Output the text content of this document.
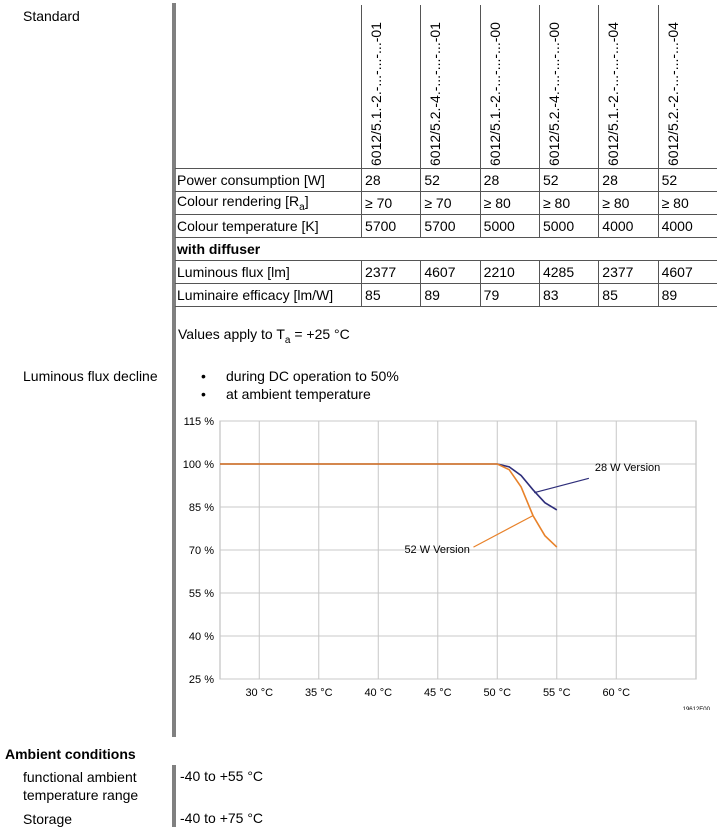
Standard
Luminous flux decline

	6012/5.1.-2.-...-...-...-01	6012/5.2.-4.-...-...-...-01	6012/5.1.-2.-...-...-...-00	6012/5.2.-4.-...-...-...-00	6012/5.1.-2.-...-...-...-04	6012/5.2.-2.-...-...-...-04

Power consumption [W]	28	52	28	52	28	52
Colour rendering $[R_a]$	≥ 70	≥ 70	≥ 80	≥ 80	≥ 80	≥ 80
Colour temperature [K]	5700	5700	5000	5000	4000	4000
with diffuser						
Luminous flux [lm]	2377	4607	2210	4285	2377	4607
Luminaire efficacy [lm/W]	85	89	79	83	85	89
Values apply to $T_a = +25$ °C
• during DC operation to 50%
• at ambient temperature
115 %
100 %
85 %
70 %
55 %
40 %
25 %
30 °C	35 °C	40 °C	45 °C	50 °C	55 °C	60 °C
28 W Version
52 W Version
19612E00
Ambient conditions
functional ambient
temperature range
-40 to +55 °C
Storage	-40 to +75 °C
